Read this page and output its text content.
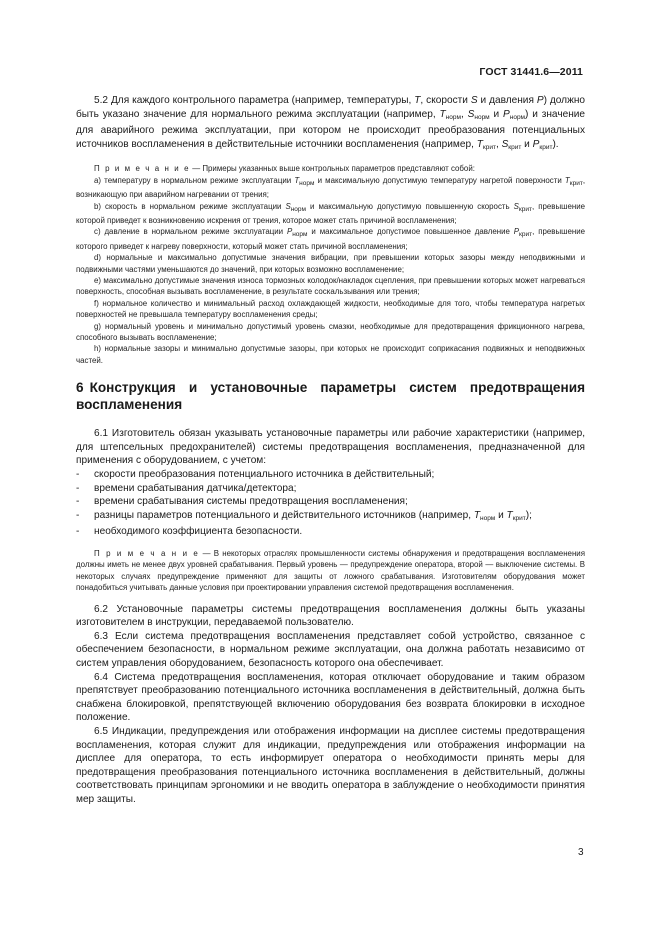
ГОСТ 31441.6—2011

5.2 Для каждого контрольного параметра (например, температуры, T, скорости S и давления P) должно быть указано значение для нормального режима эксплуатации (например, $T_{норм}$, $S_{норм}$ и $P_{норм}$) и значение для аварийного режима эксплуатации, при котором не происходит преобразования потенциальных источников воспламенения в действительные источники воспламенения (например, $T_{крит}$, $S_{крит}$ и $P_{крит}$).

П р и м е ч а н и е — Примеры указанных выше контрольных параметров представляют собой:

a) температуру в нормальном режиме эксплуатации $T_{норм}$ и максимальную допустимую температуру нагретой поверхности $T_{крит}$, возникающую при аварийном нагревании от трения;

b) скорость в нормальном режиме эксплуатации $S_{норм}$ и максимальную допустимую повышенную скорость $S_{крит}$, превышение которой приведет к возникновению искрения от трения, которое может стать причиной воспламенения;

c) давление в нормальном режиме эксплуатации $P_{норм}$ и максимальное допустимое повышенное давление $P_{крит}$, превышение которого приведет к нагреву поверхности, который может стать причиной воспламенения;

d) нормальные и максимально допустимые значения вибрации, при превышении которых зазоры между неподвижными и подвижными частями уменьшаются до значений, при которых возможно воспламенение;

e) максимально допустимые значения износа тормозных колодок/накладок сцепления, при превышении которых может нагреваться поверхность, способная вызывать воспламенение, в результате соскальзывания или трения;

f) нормальное количество и минимальный расход охлаждающей жидкости, необходимые для того, чтобы температура нагретых поверхностей не превышала температуру воспламенения среды;

g) нормальный уровень и минимально допустимый уровень смазки, необходимые для предотвращения фрикционного нагрева, способного вызывать воспламенение;

h) нормальные зазоры и минимально допустимые зазоры, при которых не происходит соприкасания подвижных и неподвижных частей.

6 Конструкция и установочные параметры систем предотвращения воспламенения

6.1 Изготовитель обязан указывать установочные параметры или рабочие характеристики (например, для штепсельных предохранителей) системы предотвращения воспламенения, предназначенной для применения с оборудованием, с учетом:

- скорости преобразования потенциального источника в действительный;
- времени срабатывания датчика/детектора;
- времени срабатывания системы предотвращения воспламенения;
- разницы параметров потенциального и действительного источников (например, $T_{норм}$ и $T_{крит}$);
- необходимого коэффициента безопасности.

П р и м е ч а н и е — В некоторых отраслях промышленности системы обнаружения и предотвращения воспламенения должны иметь не менее двух уровней срабатывания. Первый уровень — предупреждение оператора, второй — выключение системы. В некоторых случаях предупреждение применяют для защиты от ложного срабатывания. Изготовителям оборудования может понадобиться учитывать данные условия при проектировании управления системой предотвращения воспламенения.

6.2 Установочные параметры системы предотвращения воспламенения должны быть указаны изготовителем в инструкции, передаваемой пользователю.

6.3 Если система предотвращения воспламенения представляет собой устройство, связанное с обеспечением безопасности, в нормальном режиме эксплуатации, она должна работать независимо от систем управления оборудованием, безопасность которого она обеспечивает.

6.4 Система предотвращения воспламенения, которая отключает оборудование и таким образом препятствует преобразованию потенциального источника воспламенения в действительный, должна быть снабжена блокировкой, препятствующей включению оборудования без возврата блокировки в исходное положение.

6.5 Индикации, предупреждения или отображения информации на дисплее системы предотвращения воспламенения, которая служит для индикации, предупреждения или отображения информации на дисплее для оператора, то есть информирует оператора о необходимости принять меры для предотвращения преобразования потенциального источника воспламенения в действительный, должны соответствовать принципам эргономики и не вводить оператора в заблуждение о необходимости принятия мер защиты.

3
